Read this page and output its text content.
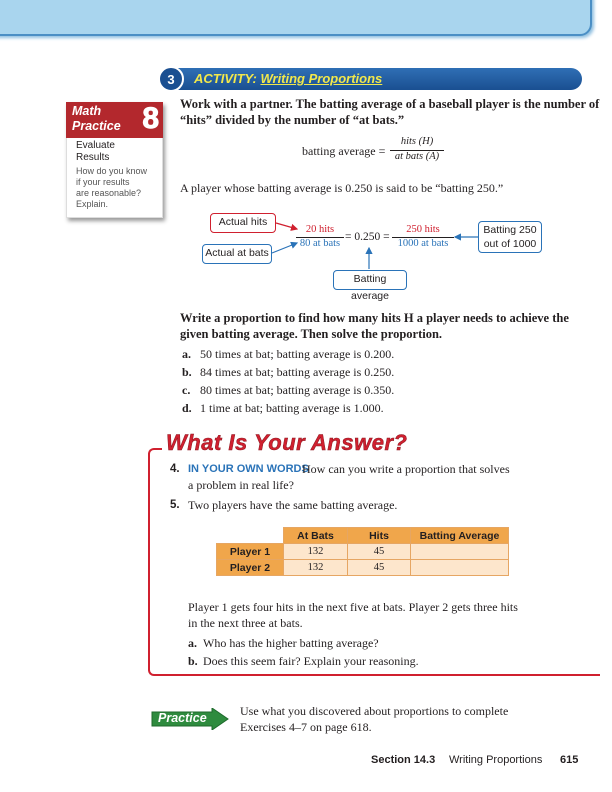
3	ACTIVITY: Writing Proportions
Math
Practice 8
Evaluate
Results
How do you know
if your results
are reasonable?
Explain.
Work with a partner. The batting average of a baseball player is the number of
“hits” divided by the number of “at bats.”
batting average =
hits (H)
at bats (A)
A player whose batting average is 0.250 is said to be “batting 250.”
Actual hits
Actual at bats
Batting average
Batting 250
out of 1000
20 hits
80 at bats
= 0.250 =
250 hits
1000 at bats
Write a proportion to find how many hits H a player needs to achieve the
given batting average. Then solve the proportion.
a. 50 times at bat; batting average is 0.200.
b. 84 times at bat; batting average is 0.250.
c. 80 times at bat; batting average is 0.350.
d. 1 time at bat; batting average is 1.000.
What Is Your Answer?
4. IN YOUR OWN WORDS
How can you write a proportion that solves
a problem in real life?
5. Two players have the same batting average.
	At Bats	Hits	Batting Average
Player 1	132	45	
Player 2	132	45	
Player 1 gets four hits in the next five at bats. Player 2 gets three hits
in the next three at bats.
a. Who has the higher batting average?
b. Does this seem fair? Explain your reasoning.
Practice	Use what you discovered about proportions to complete
Exercises 4–7 on page 618.
Section 14.3 Writing Proportions 615
